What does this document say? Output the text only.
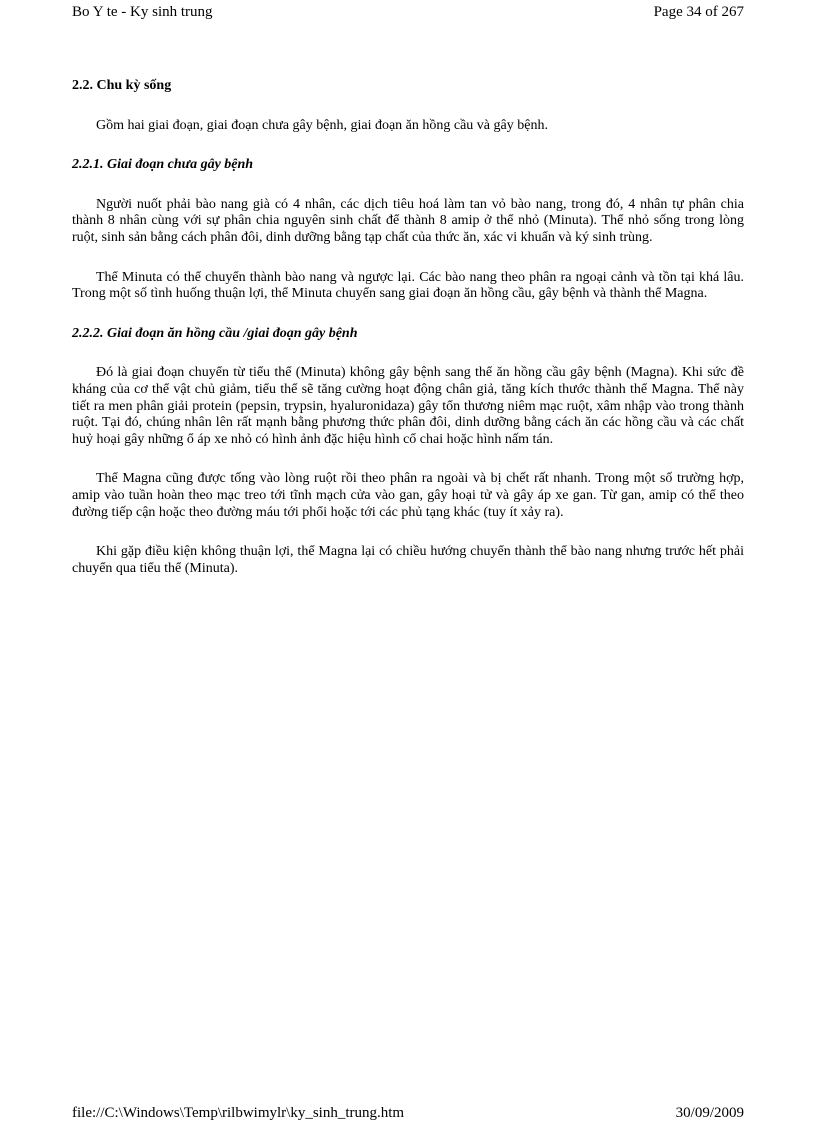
Bo Y te - Ky sinh trung	Page 34 of 267
2.2. Chu kỳ sống

Gồm hai giai đoạn, giai đoạn chưa gây bệnh, giai đoạn ăn hồng cầu và gây bệnh.

2.2.1. Giai đoạn chưa gây bệnh

Người nuốt phải bào nang già có 4 nhân, các dịch tiêu hoá làm tan vỏ bào nang, trong đó, 4 nhân tự phân chia thành 8 nhân cùng với sự phân chia nguyên sinh chất để thành 8 amip ở thể nhỏ (Minuta). Thể nhỏ sống trong lòng ruột, sinh sản bằng cách phân đôi, dinh dưỡng bằng tạp chất của thức ăn, xác vi khuẩn và ký sinh trùng.

Thể Minuta có thể chuyển thành bào nang và ngược lại. Các bào nang theo phân ra ngoại cảnh và tồn tại khá lâu. Trong một số tình huống thuận lợi, thể Minuta chuyển sang giai đoạn ăn hồng cầu, gây bệnh và thành thể Magna.

2.2.2. Giai đoạn ăn hồng cầu /giai đoạn gây bệnh

Đó là giai đoạn chuyển từ tiểu thể (Minuta) không gây bệnh sang thể ăn hồng cầu gây bệnh (Magna). Khi sức đề kháng của cơ thể vật chủ giảm, tiểu thể sẽ tăng cường hoạt động chân giả, tăng kích thước thành thể Magna. Thể này tiết ra men phân giải protein (pepsin, trypsin, hyaluronidaza) gây tổn thương niêm mạc ruột, xâm nhập vào trong thành ruột. Tại đó, chúng nhân lên rất mạnh bằng phương thức phân đôi, dinh dưỡng bằng cách ăn các hồng cầu và các chất huỷ hoại gây những ổ áp xe nhỏ có hình ảnh đặc hiệu hình cổ chai hoặc hình nấm tán.

Thể Magna cũng được tống vào lòng ruột rồi theo phân ra ngoài và bị chết rất nhanh. Trong một số trường hợp, amip vào tuần hoàn theo mạc treo tới tĩnh mạch cửa vào gan, gây hoại tử và gây áp xe gan. Từ gan, amip có thể theo đường tiếp cận hoặc theo đường máu tới phổi hoặc tới các phủ tạng khác (tuy ít xảy ra).

Khi gặp điều kiện không thuận lợi, thể Magna lại có chiều hướng chuyển thành thể bào nang nhưng trước hết phải chuyển qua tiểu thể (Minuta).

file://C:\Windows\Temp\rilbwimylr\ky_sinh_trung.htm	30/09/2009
